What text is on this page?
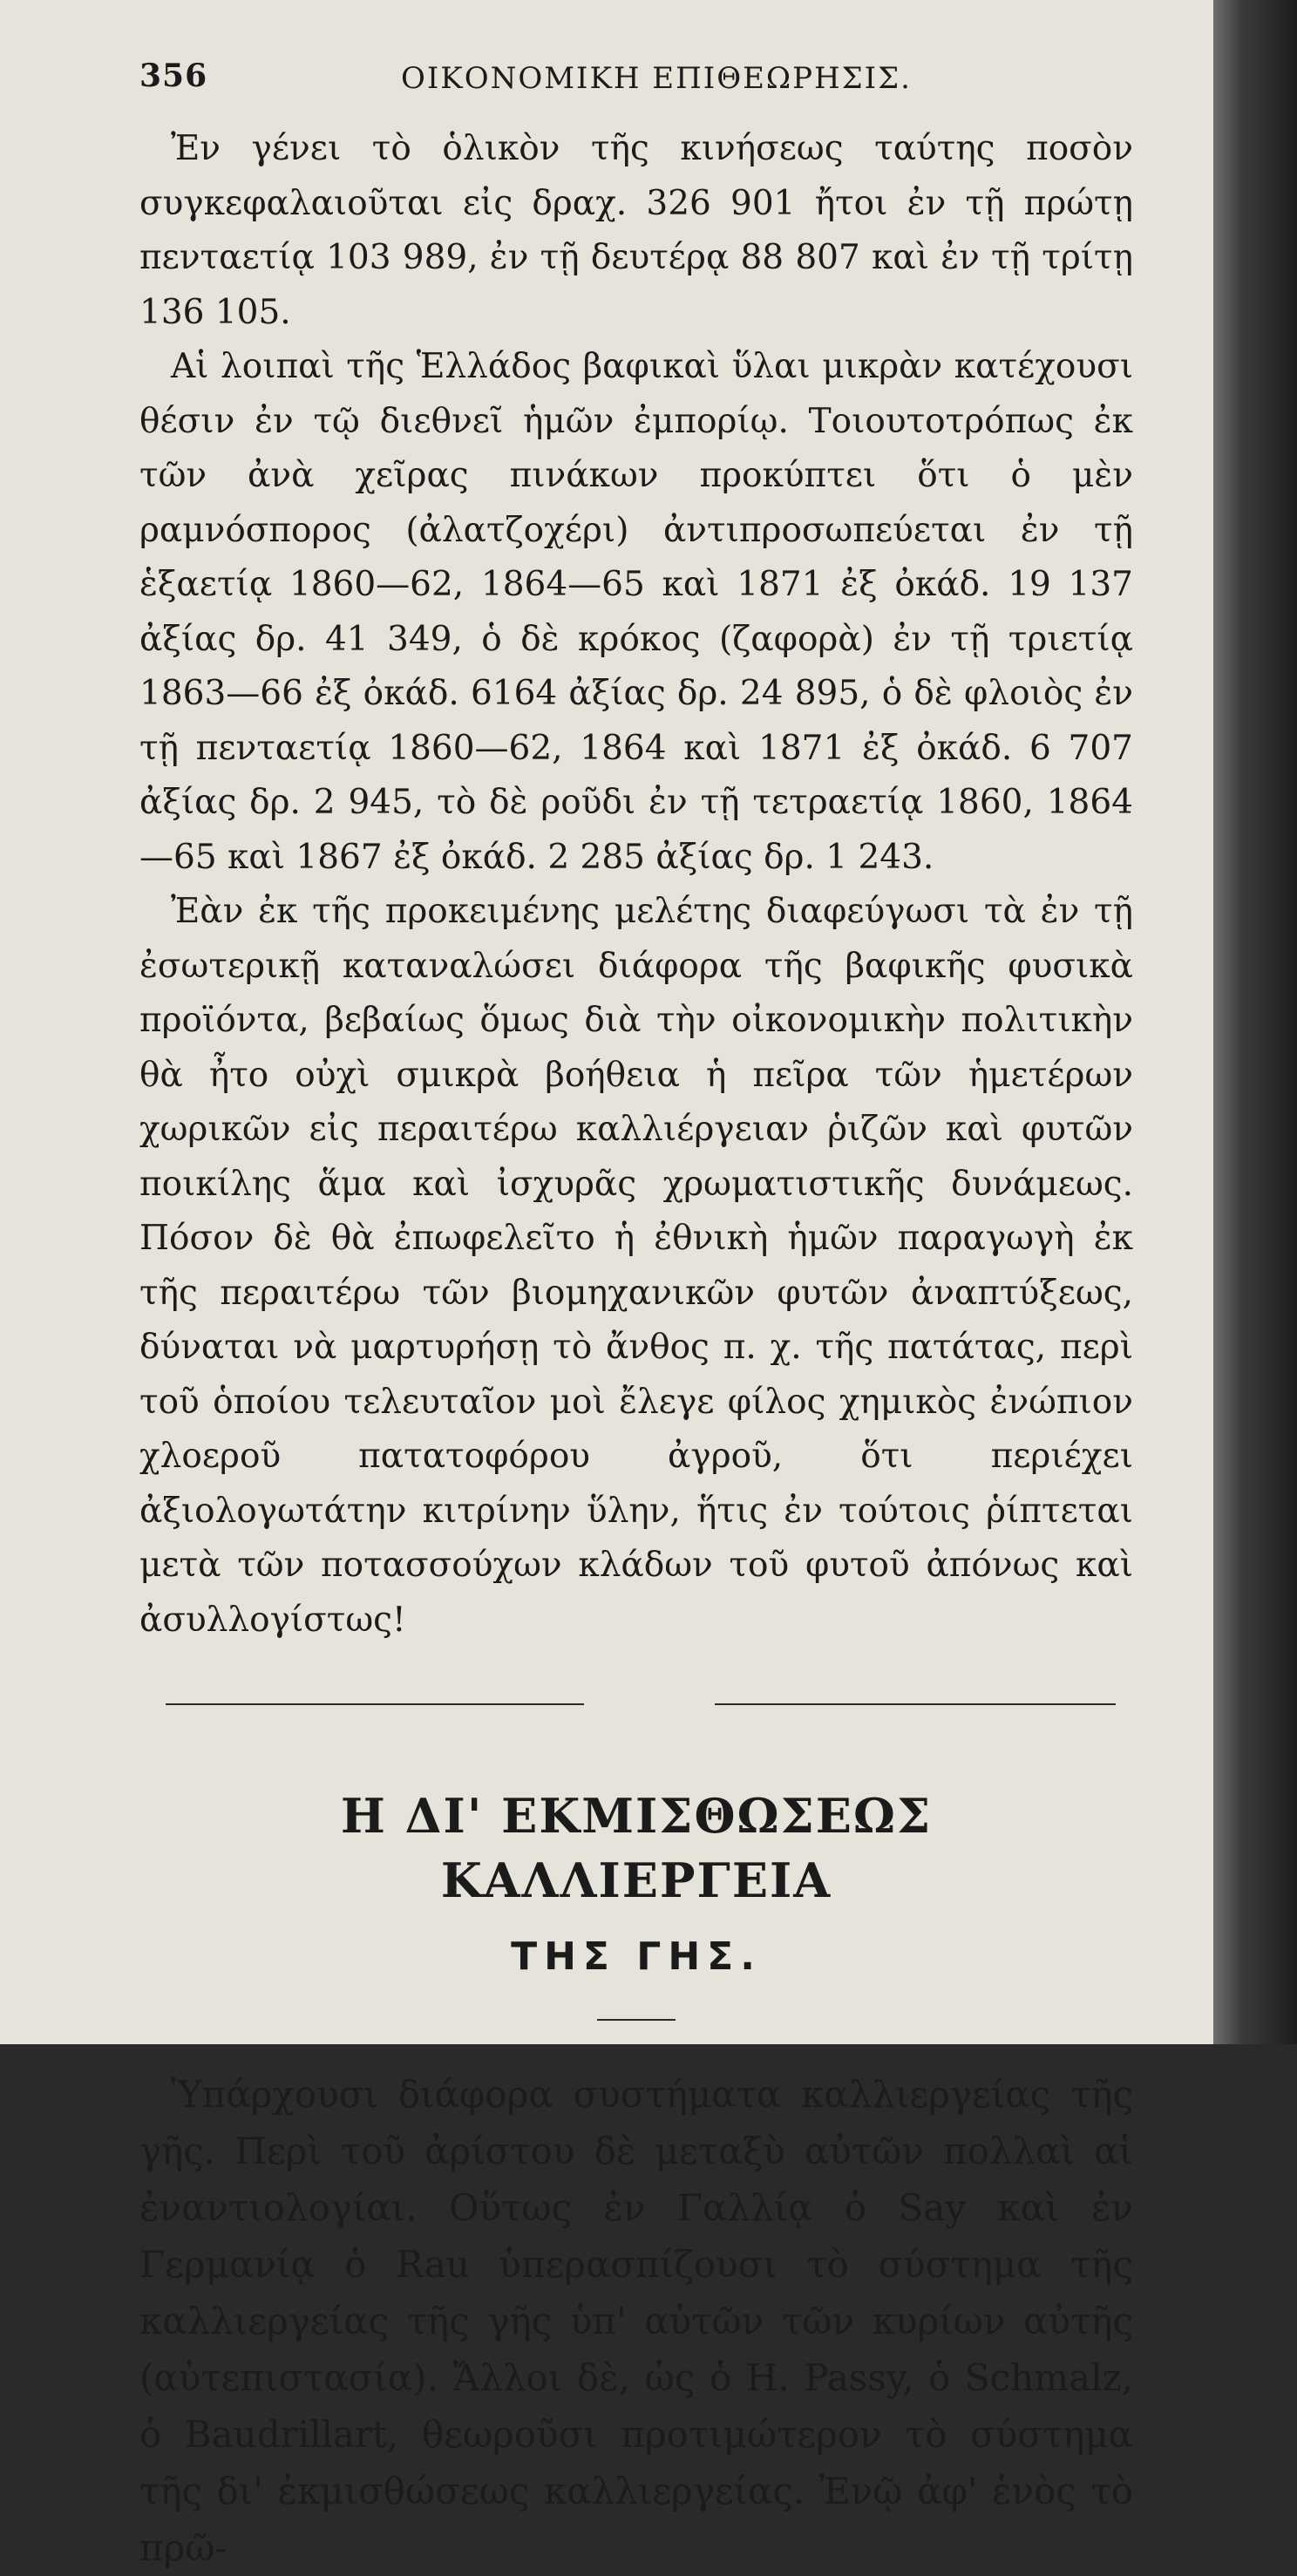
356	ΟΙΚΟΝΟΜΙΚΗ ΕΠΙΘΕΩΡΗΣΙΣ.

Ἐν γένει τὸ ὁλικὸν τῆς κινήσεως ταύτης ποσὸν συγκεφαλαιοῦται εἰς δραχ. 326 901 ἤτοι ἐν τῇ πρώτῃ πενταετίᾳ 103 989, ἐν τῇ δευτέρᾳ 88 807 καὶ ἐν τῇ τρίτῃ 136 105.

Αἱ λοιπαὶ τῆς Ἑλλάδος βαφικαὶ ὕλαι μικρὰν κατέχουσι θέσιν ἐν τῷ διεθνεῖ ἡμῶν ἐμπορίῳ. Τοιουτοτρόπως ἐκ τῶν ἀνὰ χεῖρας πινάκων προκύπτει ὅτι ὁ μὲν ραμνόσπορος (ἀλατζοχέρι) ἀντιπροσωπεύεται ἐν τῇ ἑξαετίᾳ 1860—62, 1864—65 καὶ 1871 ἐξ ὀκάδ. 19 137 ἀξίας δρ. 41 349, ὁ δὲ κρόκος (ζαφορὰ) ἐν τῇ τριετίᾳ 1863—66 ἐξ ὀκάδ. 6164 ἀξίας δρ. 24 895, ὁ δὲ φλοιὸς ἐν τῇ πενταετίᾳ 1860—62, 1864 καὶ 1871 ἐξ ὀκάδ. 6 707 ἀξίας δρ. 2 945, τὸ δὲ ροῦδι ἐν τῇ τετραετίᾳ 1860, 1864—65 καὶ 1867 ἐξ ὀκάδ. 2 285 ἀξίας δρ. 1 243.

Ἐὰν ἐκ τῆς προκειμένης μελέτης διαφεύγωσι τὰ ἐν τῇ ἐσωτερικῇ καταναλώσει διάφορα τῆς βαφικῆς φυσικὰ προϊόντα, βεβαίως ὅμως διὰ τὴν οἰκονομικὴν πολιτικὴν θὰ ἦτο οὐχὶ σμικρὰ βοήθεια ἡ πεῖρα τῶν ἡμετέρων χωρικῶν εἰς περαιτέρω καλλιέργειαν ῥιζῶν καὶ φυτῶν ποικίλης ἅμα καὶ ἰσχυρᾶς χρωματιστικῆς δυνάμεως. Πόσον δὲ θὰ ἐπωφελεῖτο ἡ ἐθνικὴ ἡμῶν παραγωγὴ ἐκ τῆς περαιτέρω τῶν βιομηχανικῶν φυτῶν ἀναπτύξεως, δύναται νὰ μαρτυρήσῃ τὸ ἄνθος π. χ. τῆς πατάτας, περὶ τοῦ ὁποίου τελευταῖον μοὶ ἔλεγε φίλος χημικὸς ἐνώπιον χλοεροῦ πατατοφόρου ἀγροῦ, ὅτι περιέχει ἀξιολογωτάτην κιτρίνην ὕλην, ἥτις ἐν τούτοις ῥίπτεται μετὰ τῶν ποτασσούχων κλάδων τοῦ φυτοῦ ἀπόνως καὶ ἀσυλλογίστως!

Η ΔΙ' ΕΚΜΙΣΘΩΣΕΩΣ ΚΑΛΛΙΕΡΓΕΙΑ
ΤΗΣ ΓΗΣ.

Ὑπάρχουσι διάφορα συστήματα καλλιεργείας τῆς γῆς. Περὶ τοῦ ἀρίστου δὲ μεταξὺ αὐτῶν πολλαὶ αἱ ἐναντιολογίαι. Οὕτως ἐν Γαλλίᾳ ὁ Say καὶ ἐν Γερμανίᾳ ὁ Rau ὑπερασπίζουσι τὸ σύστημα τῆς καλλιεργείας τῆς γῆς ὑπ' αὐτῶν τῶν κυρίων αὐτῆς (αὐτεπιστασία). Ἄλλοι δὲ, ὡς ὁ H. Passy, ὁ Schmalz, ὁ Baudrillart, θεωροῦσι προτιμώτερον τὸ σύστημα τῆς δι' ἐκμισθώσεως καλλιεργείας. Ἐνῷ ἀφ' ἑνὸς τὸ πρῶ-
